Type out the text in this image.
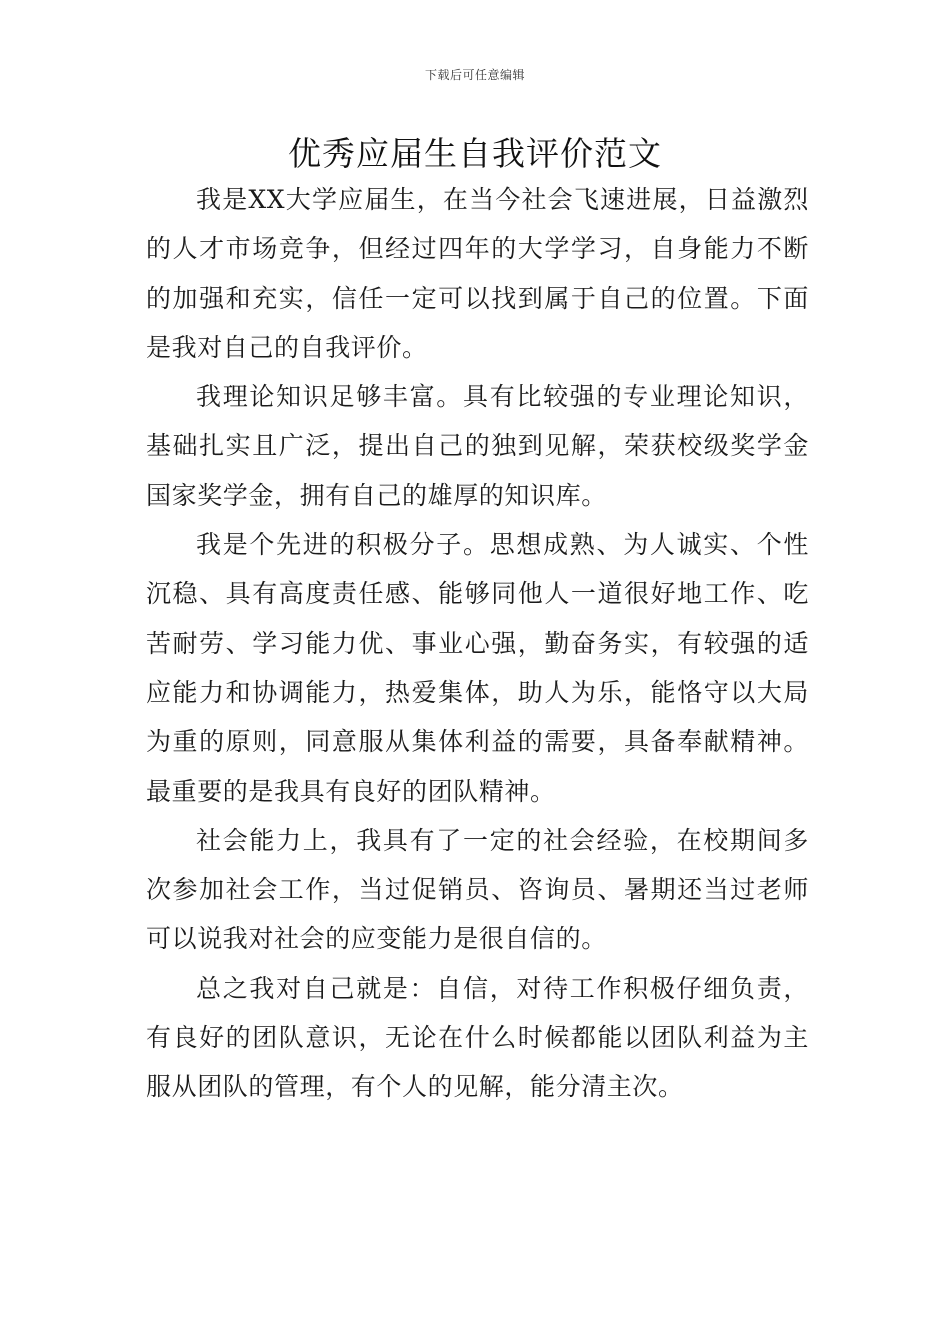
下载后可任意编辑
优秀应届生自我评价范文

我是XX大学应届生，在当今社会飞速进展，日益激烈的人才市场竞争，但经过四年的大学学习，自身能力不断的加强和充实，信任一定可以找到属于自己的位置。下面是我对自己的自我评价。

我理论知识足够丰富。具有比较强的专业理论知识，基础扎实且广泛，提出自己的独到见解，荣获校级奖学金国家奖学金，拥有自己的雄厚的知识库。

我是个先进的积极分子。思想成熟、为人诚实、个性沉稳、具有高度责任感、能够同他人一道很好地工作、吃苦耐劳、学习能力优、事业心强，勤奋务实，有较强的适应能力和协调能力，热爱集体，助人为乐，能恪守以大局为重的原则，同意服从集体利益的需要，具备奉献精神。最重要的是我具有良好的团队精神。

社会能力上，我具有了一定的社会经验，在校期间多次参加社会工作，当过促销员、咨询员、暑期还当过老师可以说我对社会的应变能力是很自信的。

总之我对自己就是：自信，对待工作积极仔细负责，有良好的团队意识，无论在什么时候都能以团队利益为主服从团队的管理，有个人的见解，能分清主次。
